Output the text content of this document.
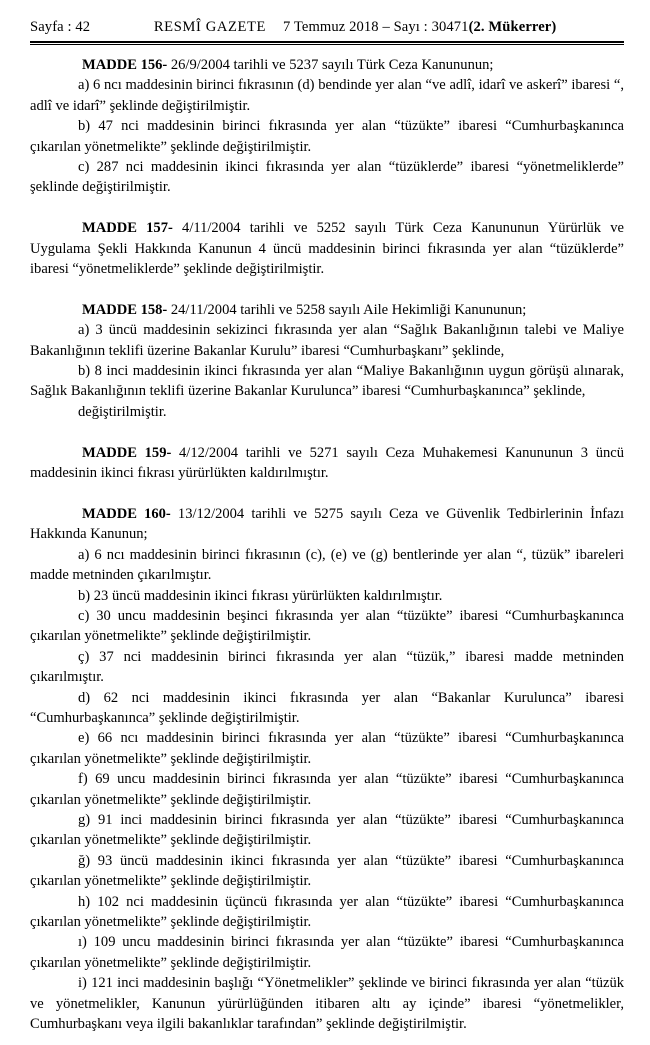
Sayfa : 42	RESMÎ GAZETE 7 Temmuz 2018 – Sayı : 30471(2. Mükerrer)

MADDE 156- 26/9/2004 tarihli ve 5237 sayılı Türk Ceza Kanununun;

a) 6 ncı maddesinin birinci fıkrasının (d) bendinde yer alan “ve adlî, idarî ve askerî” ibaresi “, adlî ve idarî” şeklinde değiştirilmiştir.

b) 47 nci maddesinin birinci fıkrasında yer alan “tüzükte” ibaresi “Cumhurbaşkanınca çıkarılan yönetmelikte” şeklinde değiştirilmiştir.

c) 287 nci maddesinin ikinci fıkrasında yer alan “tüzüklerde” ibaresi “yönetmeliklerde” şeklinde değiştirilmiştir.

MADDE 157- 4/11/2004 tarihli ve 5252 sayılı Türk Ceza Kanununun Yürürlük ve Uygulama Şekli Hakkında Kanunun 4 üncü maddesinin birinci fıkrasında yer alan “tüzüklerde” ibaresi “yönetmeliklerde” şeklinde değiştirilmiştir.

MADDE 158- 24/11/2004 tarihli ve 5258 sayılı Aile Hekimliği Kanununun;

a) 3 üncü maddesinin sekizinci fıkrasında yer alan “Sağlık Bakanlığının talebi ve Maliye Bakanlığının teklifi üzerine Bakanlar Kurulu” ibaresi “Cumhurbaşkanı” şeklinde,

b) 8 inci maddesinin ikinci fıkrasında yer alan “Maliye Bakanlığının uygun görüşü alınarak, Sağlık Bakanlığının teklifi üzerine Bakanlar Kurulunca” ibaresi “Cumhurbaşkanınca” şeklinde,

değiştirilmiştir.

MADDE 159- 4/12/2004 tarihli ve 5271 sayılı Ceza Muhakemesi Kanununun 3 üncü maddesinin ikinci fıkrası yürürlükten kaldırılmıştır.

MADDE 160- 13/12/2004 tarihli ve 5275 sayılı Ceza ve Güvenlik Tedbirlerinin İnfazı Hakkında Kanunun;

a) 6 ncı maddesinin birinci fıkrasının (c), (e) ve (g) bentlerinde yer alan “, tüzük” ibareleri madde metninden çıkarılmıştır.

b) 23 üncü maddesinin ikinci fıkrası yürürlükten kaldırılmıştır.

c) 30 uncu maddesinin beşinci fıkrasında yer alan “tüzükte” ibaresi “Cumhurbaşkanınca çıkarılan yönetmelikte” şeklinde değiştirilmiştir.

ç) 37 nci maddesinin birinci fıkrasında yer alan “tüzük,” ibaresi madde metninden çıkarılmıştır.

d) 62 nci maddesinin ikinci fıkrasında yer alan “Bakanlar Kurulunca” ibaresi “Cumhurbaşkanınca” şeklinde değiştirilmiştir.

e) 66 ncı maddesinin birinci fıkrasında yer alan “tüzükte” ibaresi “Cumhurbaşkanınca çıkarılan yönetmelikte” şeklinde değiştirilmiştir.

f) 69 uncu maddesinin birinci fıkrasında yer alan “tüzükte” ibaresi “Cumhurbaşkanınca çıkarılan yönetmelikte” şeklinde değiştirilmiştir.

g) 91 inci maddesinin birinci fıkrasında yer alan “tüzükte” ibaresi “Cumhurbaşkanınca çıkarılan yönetmelikte” şeklinde değiştirilmiştir.

ğ) 93 üncü maddesinin ikinci fıkrasında yer alan “tüzükte” ibaresi “Cumhurbaşkanınca çıkarılan yönetmelikte” şeklinde değiştirilmiştir.

h) 102 nci maddesinin üçüncü fıkrasında yer alan “tüzükte” ibaresi “Cumhurbaşkanınca çıkarılan yönetmelikte” şeklinde değiştirilmiştir.

ı) 109 uncu maddesinin birinci fıkrasında yer alan “tüzükte” ibaresi “Cumhurbaşkanınca çıkarılan yönetmelikte” şeklinde değiştirilmiştir.

i) 121 inci maddesinin başlığı “Yönetmelikler” şeklinde ve birinci fıkrasında yer alan “tüzük ve yönetmelikler, Kanunun yürürlüğünden itibaren altı ay içinde” ibaresi “yönetmelikler, Cumhurbaşkanı veya ilgili bakanlıklar tarafından” şeklinde değiştirilmiştir.
